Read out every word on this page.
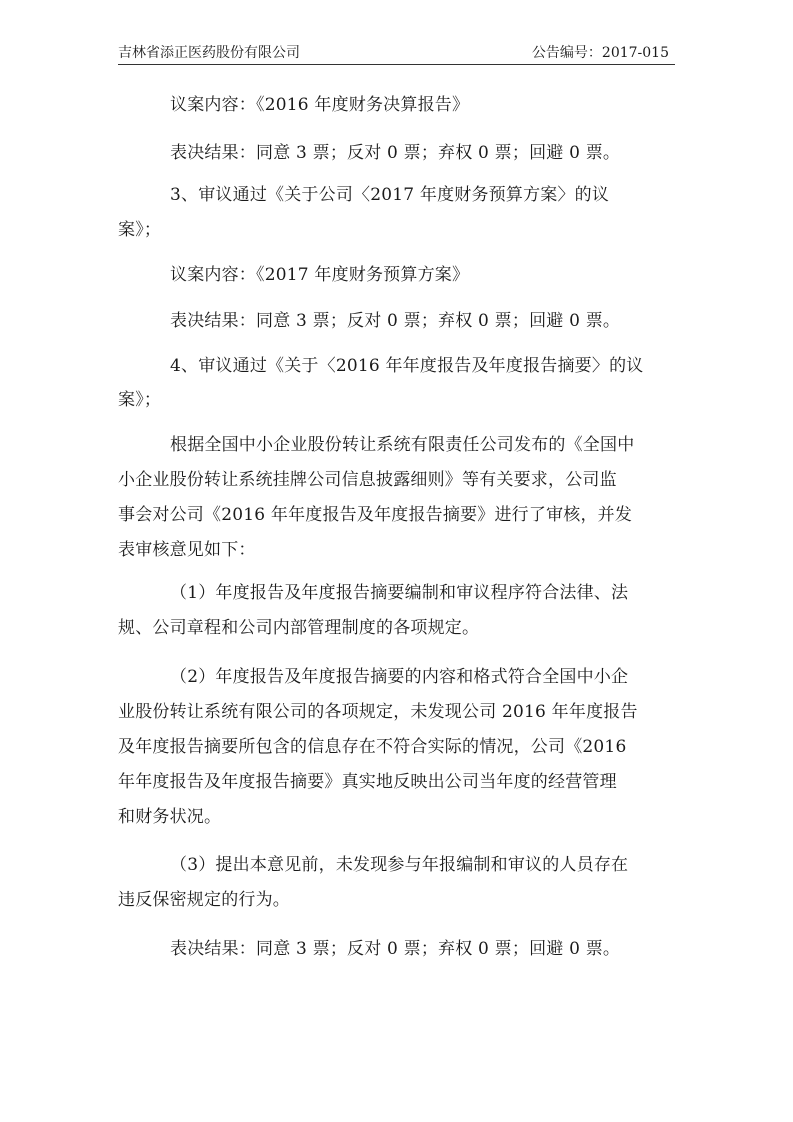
吉林省添正医药股份有限公司	公告编号：2017-015
议案内容：《2016 年度财务决算报告》
表决结果：同意 3 票；反对 0 票；弃权 0 票；回避 0 票。
3、审议通过《关于公司〈2017 年度财务预算方案〉的议
案》；
议案内容：《2017 年度财务预算方案》
表决结果：同意 3 票；反对 0 票；弃权 0 票；回避 0 票。
4、审议通过《关于〈2016 年年度报告及年度报告摘要〉的议
案》；
根据全国中小企业股份转让系统有限责任公司发布的《全国中
小企业股份转让系统挂牌公司信息披露细则》等有关要求，公司监
事会对公司《2016 年年度报告及年度报告摘要》进行了审核，并发
表审核意见如下：
（1）年度报告及年度报告摘要编制和审议程序符合法律、法
规、公司章程和公司内部管理制度的各项规定。
（2）年度报告及年度报告摘要的内容和格式符合全国中小企
业股份转让系统有限公司的各项规定，未发现公司 2016 年年度报告
及年度报告摘要所包含的信息存在不符合实际的情况，公司《2016
年年度报告及年度报告摘要》真实地反映出公司当年度的经营管理
和财务状况。
（3）提出本意见前，未发现参与年报编制和审议的人员存在
违反保密规定的行为。
表决结果：同意 3 票；反对 0 票；弃权 0 票；回避 0 票。
